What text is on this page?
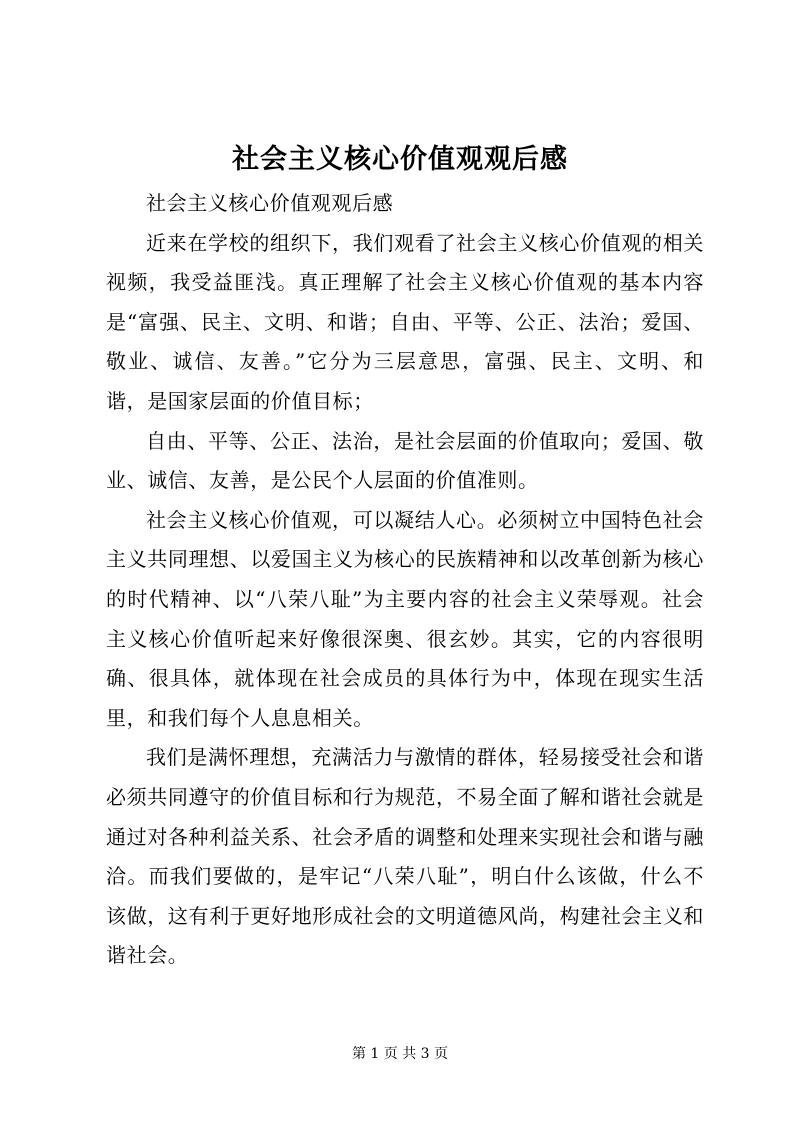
社会主义核心价值观观后感

社会主义核心价值观观后感

近来在学校的组织下，我们观看了社会主义核心价值观的相关视频，我受益匪浅。真正理解了社会主义核心价值观的基本内容是“富强、民主、文明、和谐；自由、平等、公正、法治；爱国、敬业、诚信、友善。”它分为三层意思，富强、民主、文明、和谐，是国家层面的价值目标；

自由、平等、公正、法治，是社会层面的价值取向；爱国、敬业、诚信、友善，是公民个人层面的价值准则。

社会主义核心价值观，可以凝结人心。必须树立中国特色社会主义共同理想、以爱国主义为核心的民族精神和以改革创新为核心的时代精神、以“八荣八耻”为主要内容的社会主义荣辱观。社会主义核心价值听起来好像很深奥、很玄妙。其实，它的内容很明确、很具体，就体现在社会成员的具体行为中，体现在现实生活里，和我们每个人息息相关。

我们是满怀理想，充满活力与激情的群体，轻易接受社会和谐必须共同遵守的价值目标和行为规范，不易全面了解和谐社会就是通过对各种利益关系、社会矛盾的调整和处理来实现社会和谐与融洽。而我们要做的，是牢记“八荣八耻”，明白什么该做，什么不该做，这有利于更好地形成社会的文明道德风尚，构建社会主义和谐社会。

第 1 页 共 3 页
